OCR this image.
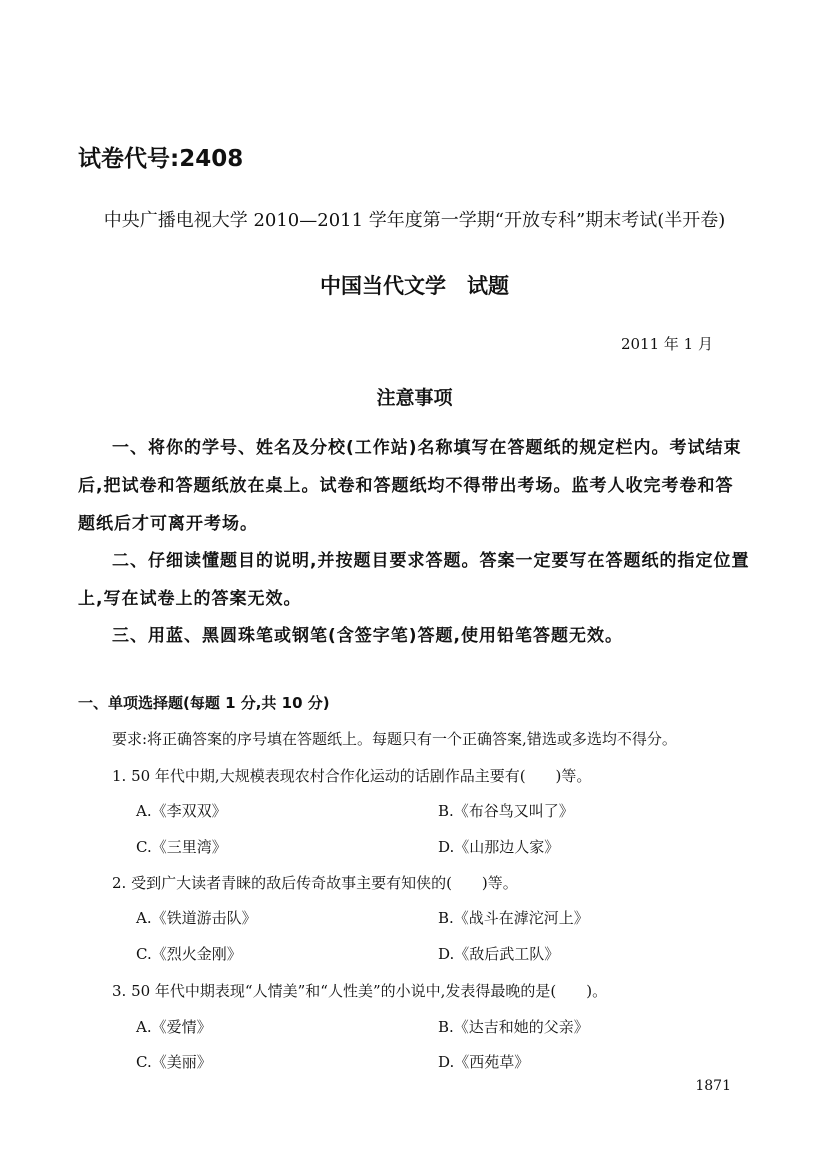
试卷代号:2408
中央广播电视大学 2010—2011 学年度第一学期“开放专科”期末考试(半开卷)
中国当代文学　试题
2011 年 1 月
注意事项
一、将你的学号、姓名及分校(工作站)名称填写在答题纸的规定栏内。考试结束后,把试卷和答题纸放在桌上。试卷和答题纸均不得带出考场。监考人收完考卷和答题纸后才可离开考场。
二、仔细读懂题目的说明,并按题目要求答题。答案一定要写在答题纸的指定位置上,写在试卷上的答案无效。
三、用蓝、黑圆珠笔或钢笔(含签字笔)答题,使用铅笔答题无效。
一、单项选择题(每题 1 分,共 10 分)
要求:将正确答案的序号填在答题纸上。每题只有一个正确答案,错选或多选均不得分。
1. 50 年代中期,大规模表现农村合作化运动的话剧作品主要有(　　)等。
A.《李双双》	B.《布谷鸟又叫了》
C.《三里湾》	D.《山那边人家》
2. 受到广大读者青睐的敌后传奇故事主要有知侠的(　　)等。
A.《铁道游击队》	B.《战斗在滹沱河上》
C.《烈火金刚》	D.《敌后武工队》
3. 50 年代中期表现“人情美”和“人性美”的小说中,发表得最晚的是(　　)。
A.《爱情》	B.《达吉和她的父亲》
C.《美丽》	D.《西苑草》
1871
